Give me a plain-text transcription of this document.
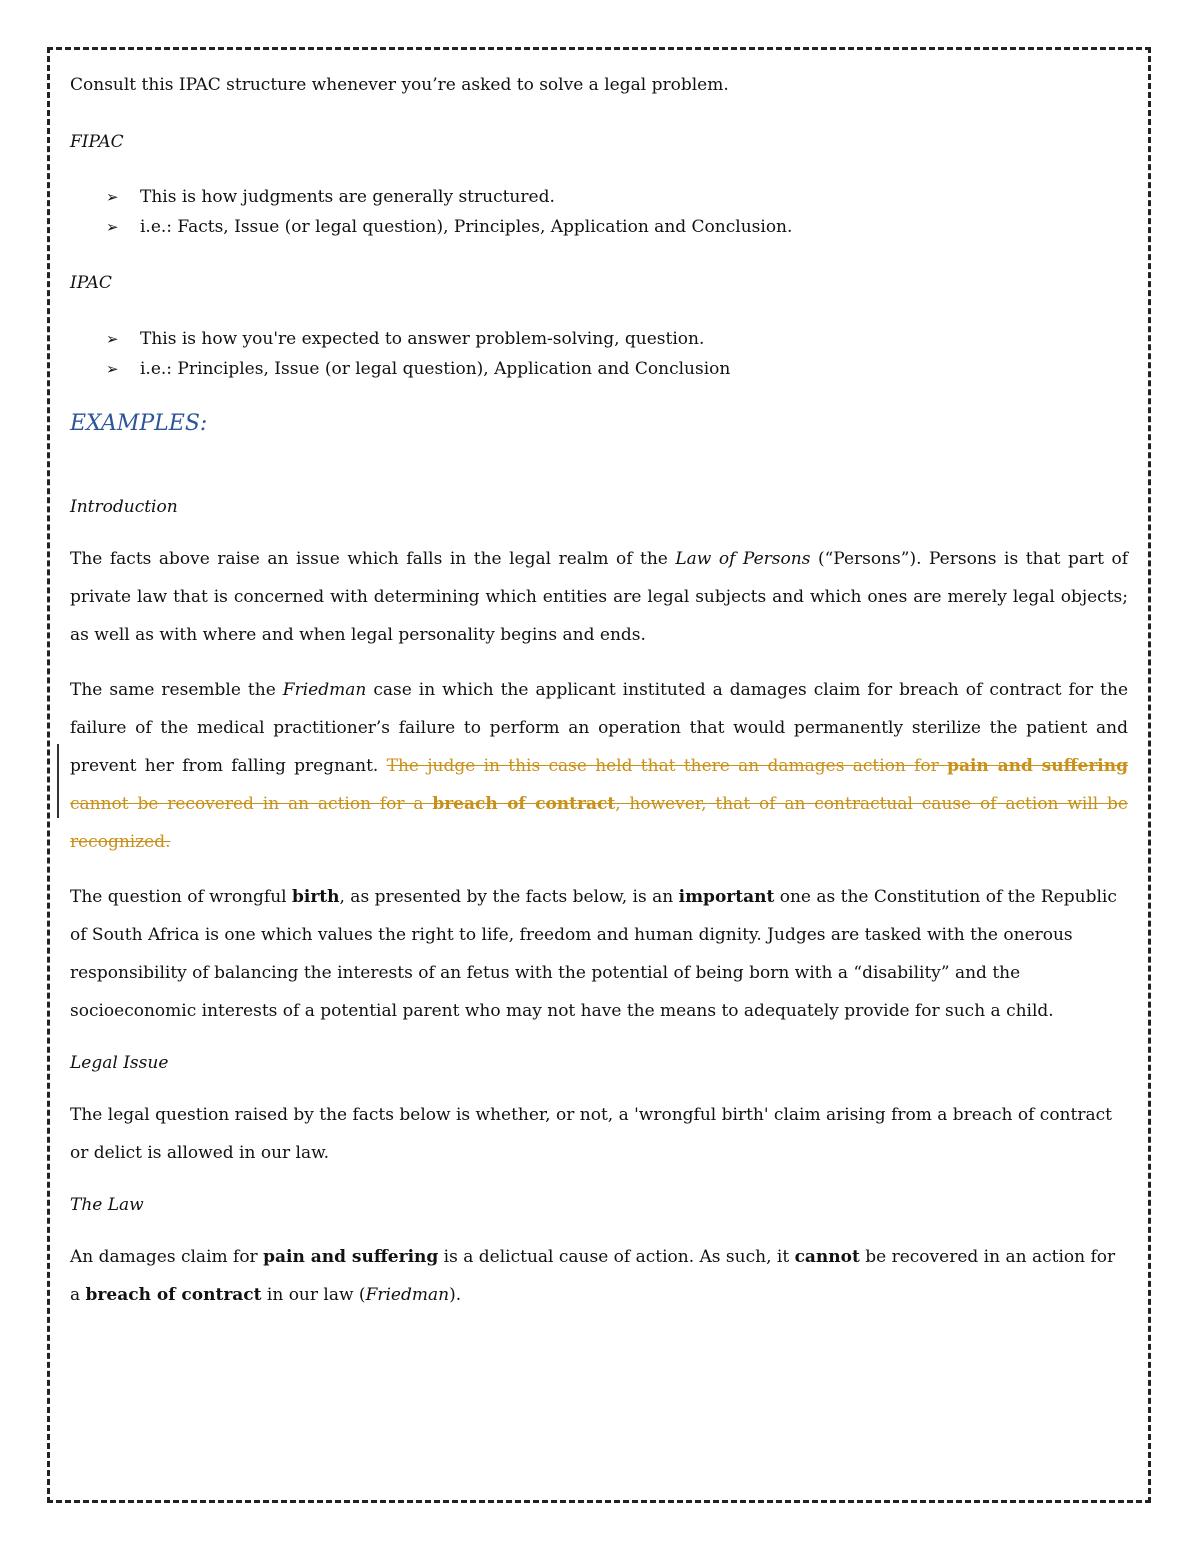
Consult this IPAC structure whenever you’re asked to solve a legal problem.

FIPAC

➢ This is how judgments are generally structured.
➢ i.e.: Facts, Issue (or legal question), Principles, Application and Conclusion.

IPAC

➢ This is how you're expected to answer problem-solving, question.
➢ i.e.: Principles, Issue (or legal question), Application and Conclusion

EXAMPLES:

Introduction

The facts above raise an issue which falls in the legal realm of the Law of Persons (“Persons”). Persons is that part of private law that is concerned with determining which entities are legal subjects and which ones are merely legal objects; as well as with where and when legal personality begins and ends.

The same resemble the Friedman case in which the applicant instituted a damages claim for breach of contract for the failure of the medical practitioner’s failure to perform an operation that would permanently sterilize the patient and prevent her from falling pregnant. The judge in this case held that there an damages action for pain and suffering cannot be recovered in an action for a breach of contract, however, that of an contractual cause of action will be recognized.

The question of wrongful birth, as presented by the facts below, is an important one as the Constitution of the Republic of South Africa is one which values the right to life, freedom and human dignity. Judges are tasked with the onerous responsibility of balancing the interests of an fetus with the potential of being born with a “disability” and the socioeconomic interests of a potential parent who may not have the means to adequately provide for such a child.

Legal Issue

The legal question raised by the facts below is whether, or not, a 'wrongful birth' claim arising from a breach of contract or delict is allowed in our law.

The Law

An damages claim for pain and suffering is a delictual cause of action. As such, it cannot be recovered in an action for a breach of contract in our law (Friedman).
